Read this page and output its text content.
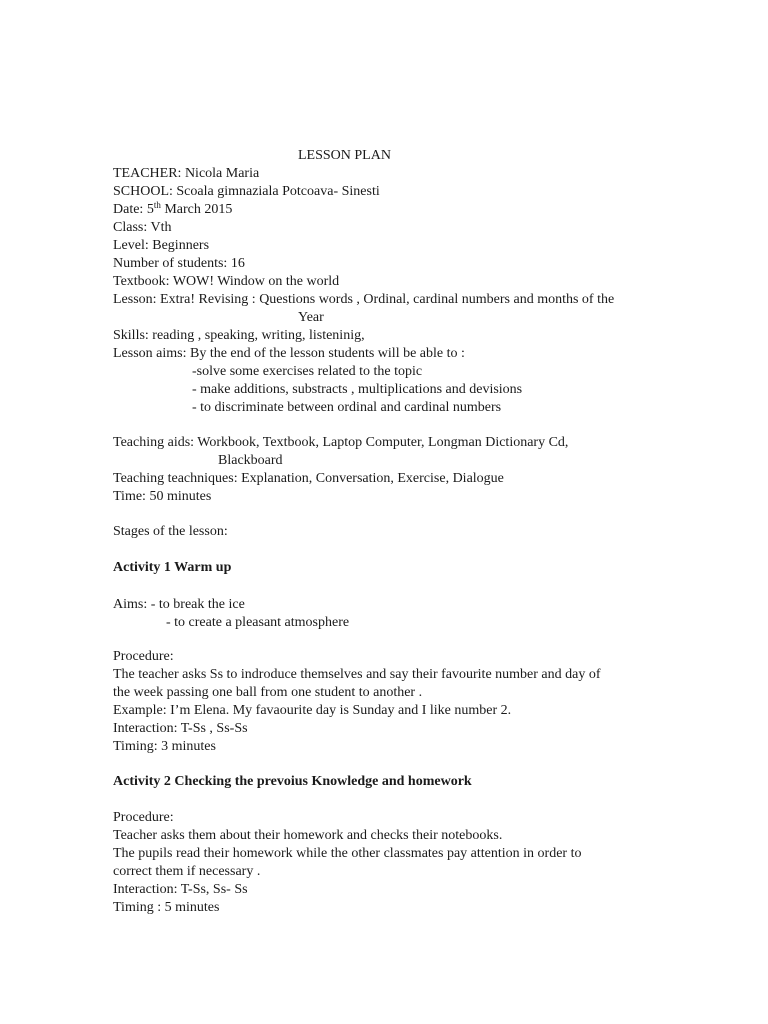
LESSON PLAN
TEACHER: Nicola Maria
SCHOOL: Scoala gimnaziala Potcoava- Sinesti
Date: 5th March 2015
Class: Vth
Level: Beginners
Number of students: 16
Textbook: WOW! Window on the world
Lesson: Extra! Revising : Questions words , Ordinal, cardinal numbers and months of the
Year
Skills: reading , speaking, writing, listeninig,
Lesson aims: By the end of the lesson students will be able to :
-solve some exercises related to the topic
- make additions, substracts , multiplications and devisions
- to discriminate between ordinal and cardinal numbers
Teaching aids: Workbook, Textbook, Laptop Computer, Longman Dictionary Cd,
Blackboard
Teaching teachniques: Explanation, Conversation, Exercise, Dialogue
Time: 50 minutes
Stages of the lesson:
Activity 1 Warm up
Aims: - to break the ice
- to create a pleasant atmosphere
Procedure:
The teacher asks Ss to indroduce themselves and say their favourite number and day of
the week passing one ball from one student to another .
Example: I’m Elena. My favaourite day is Sunday and I like number 2.
Interaction: T-Ss , Ss-Ss
Timing: 3 minutes
Activity 2 Checking the prevoius Knowledge and homework
Procedure:
Teacher asks them about their homework and checks their notebooks.
The pupils read their homework while the other classmates pay attention in order to
correct them if necessary .
Interaction: T-Ss, Ss- Ss
Timing : 5 minutes
